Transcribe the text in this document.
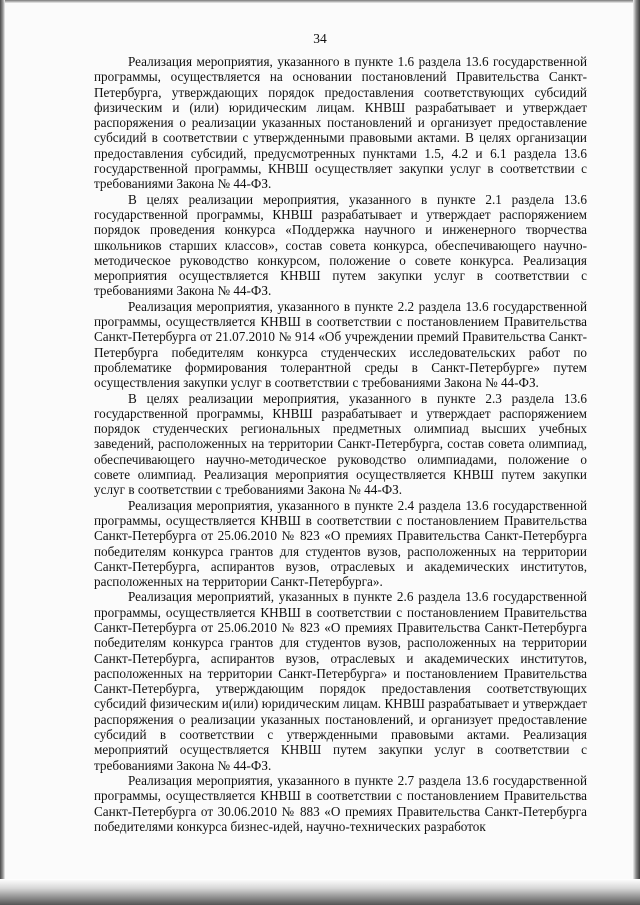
34

Реализация мероприятия, указанного в пункте 1.6 раздела 13.6 государственной программы, осуществляется на основании постановлений Правительства Санкт-Петербурга, утверждающих порядок предоставления соответствующих субсидий физическим и (или) юридическим лицам. КНВШ разрабатывает и утверждает распоряжения о реализации указанных постановлений и организует предоставление субсидий в соответствии с утвержденными правовыми актами. В целях организации предоставления субсидий, предусмотренных пунктами 1.5, 4.2 и 6.1 раздела 13.6 государственной программы, КНВШ осуществляет закупки услуг в соответствии с требованиями Закона № 44-ФЗ.

В целях реализации мероприятия, указанного в пункте 2.1 раздела 13.6 государственной программы, КНВШ разрабатывает и утверждает распоряжением порядок проведения конкурса «Поддержка научного и инженерного творчества школьников старших классов», состав совета конкурса, обеспечивающего научно-методическое руководство конкурсом, положение о совете конкурса. Реализация мероприятия осуществляется КНВШ путем закупки услуг в соответствии с требованиями Закона № 44-ФЗ.

Реализация мероприятия, указанного в пункте 2.2 раздела 13.6 государственной программы, осуществляется КНВШ в соответствии с постановлением Правительства Санкт-Петербурга от 21.07.2010 № 914 «Об учреждении премий Правительства Санкт-Петербурга победителям конкурса студенческих исследовательских работ по проблематике формирования толерантной среды в Санкт-Петербурге» путем осуществления закупки услуг в соответствии с требованиями Закона № 44-ФЗ.

В целях реализации мероприятия, указанного в пункте 2.3 раздела 13.6 государственной программы, КНВШ разрабатывает и утверждает распоряжением порядок студенческих региональных предметных олимпиад высших учебных заведений, расположенных на территории Санкт-Петербурга, состав совета олимпиад, обеспечивающего научно-методическое руководство олимпиадами, положение о совете олимпиад. Реализация мероприятия осуществляется КНВШ путем закупки услуг в соответствии с требованиями Закона № 44-ФЗ.

Реализация мероприятия, указанного в пункте 2.4 раздела 13.6 государственной программы, осуществляется КНВШ в соответствии с постановлением Правительства Санкт-Петербурга от 25.06.2010 № 823 «О премиях Правительства Санкт-Петербурга победителям конкурса грантов для студентов вузов, расположенных на территории Санкт-Петербурга, аспирантов вузов, отраслевых и академических институтов, расположенных на территории Санкт-Петербурга».

Реализация мероприятий, указанных в пункте 2.6 раздела 13.6 государственной программы, осуществляется КНВШ в соответствии с постановлением Правительства Санкт-Петербурга от 25.06.2010 № 823 «О премиях Правительства Санкт-Петербурга победителям конкурса грантов для студентов вузов, расположенных на территории Санкт-Петербурга, аспирантов вузов, отраслевых и академических институтов, расположенных на территории Санкт-Петербурга» и постановлением Правительства Санкт-Петербурга, утверждающим порядок предоставления соответствующих субсидий физическим и(или) юридическим лицам. КНВШ разрабатывает и утверждает распоряжения о реализации указанных постановлений, и организует предоставление субсидий в соответствии с утвержденными правовыми актами. Реализация мероприятий осуществляется КНВШ путем закупки услуг в соответствии с требованиями Закона № 44-ФЗ.

Реализация мероприятия, указанного в пункте 2.7 раздела 13.6 государственной программы, осуществляется КНВШ в соответствии с постановлением Правительства Санкт-Петербурга от 30.06.2010 № 883 «О премиях Правительства Санкт-Петербурга победителями конкурса бизнес-идей, научно-технических разработок
